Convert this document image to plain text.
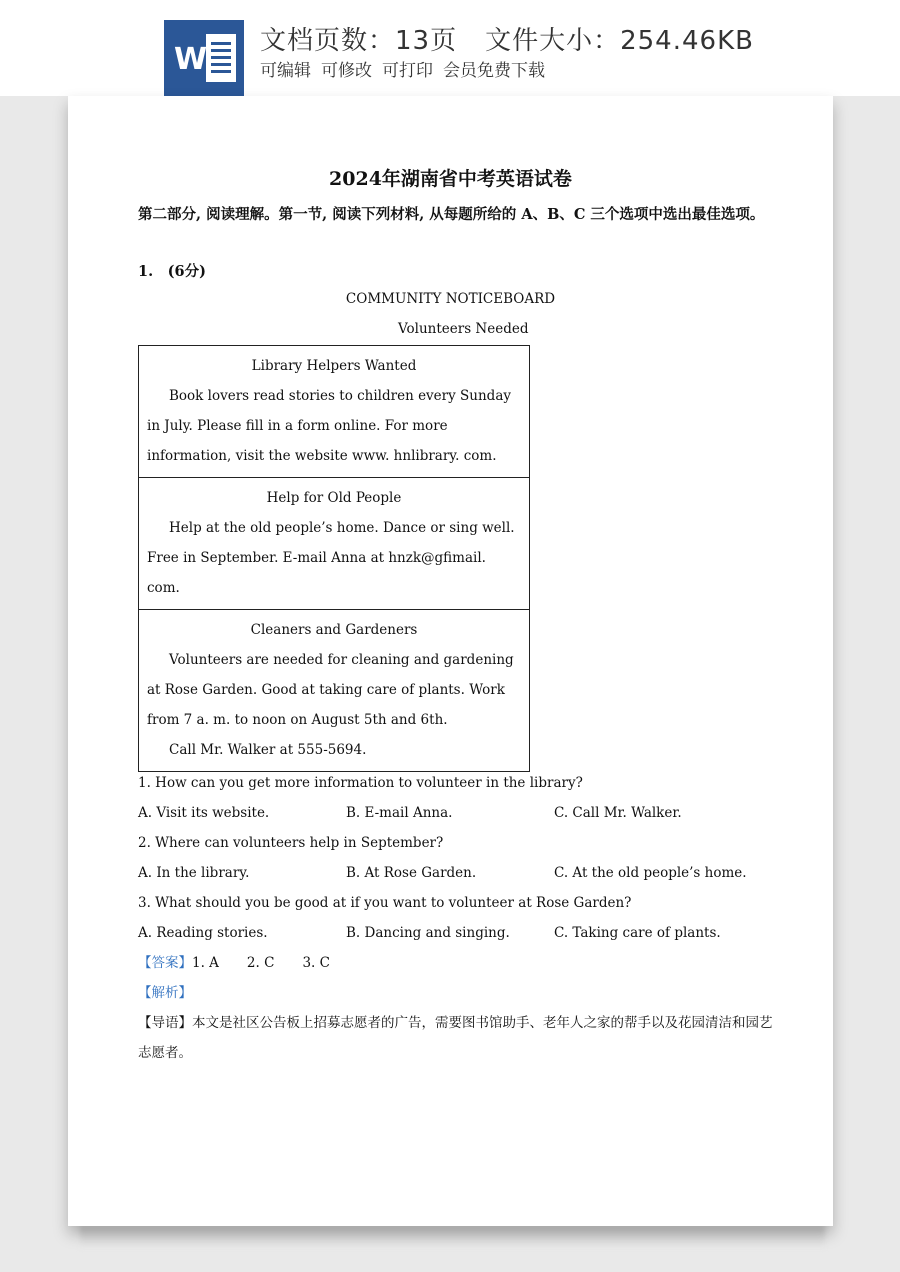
W
文档页数：13页 文件大小：254.46KB
可编辑 可修改 可打印 会员免费下载
2024年湖南省中考英语试卷
第二部分, 阅读理解。第一节, 阅读下列材料, 从每题所给的 A、B、C 三个选项中选出最佳选项。
1.　(6分)
COMMUNITY NOTICEBOARD
Volunteers Needed
Library Helpers Wanted

Book lovers read stories to children every Sunday in July. Please fill in a form online. For more information, visit the website www. hnlibrary. com.

Help for Old People

Help at the old people’s home. Dance or sing well. Free in September. E-mail Anna at hnzk@gfimail. com.

Cleaners and Gardeners

Volunteers are needed for cleaning and gardening at Rose Garden. Good at taking care of plants. Work from 7 a. m. to noon on August 5th and 6th.

Call Mr. Walker at 555-5694.

1. How can you get more information to volunteer in the library?
A. Visit its website.	B. E-mail Anna.	C. Call Mr. Walker.
2. Where can volunteers help in September?
A. In the library.	B. At Rose Garden.	C. At the old people’s home.
3. What should you be good at if you want to volunteer at Rose Garden?
A. Reading stories.	B. Dancing and singing.	C. Taking care of plants.
【答案】1. A 2. C 3. C
【解析】
【导语】本文是社区公告板上招募志愿者的广告，需要图书馆助手、老年人之家的帮手以及花园清洁和园艺志愿者。
